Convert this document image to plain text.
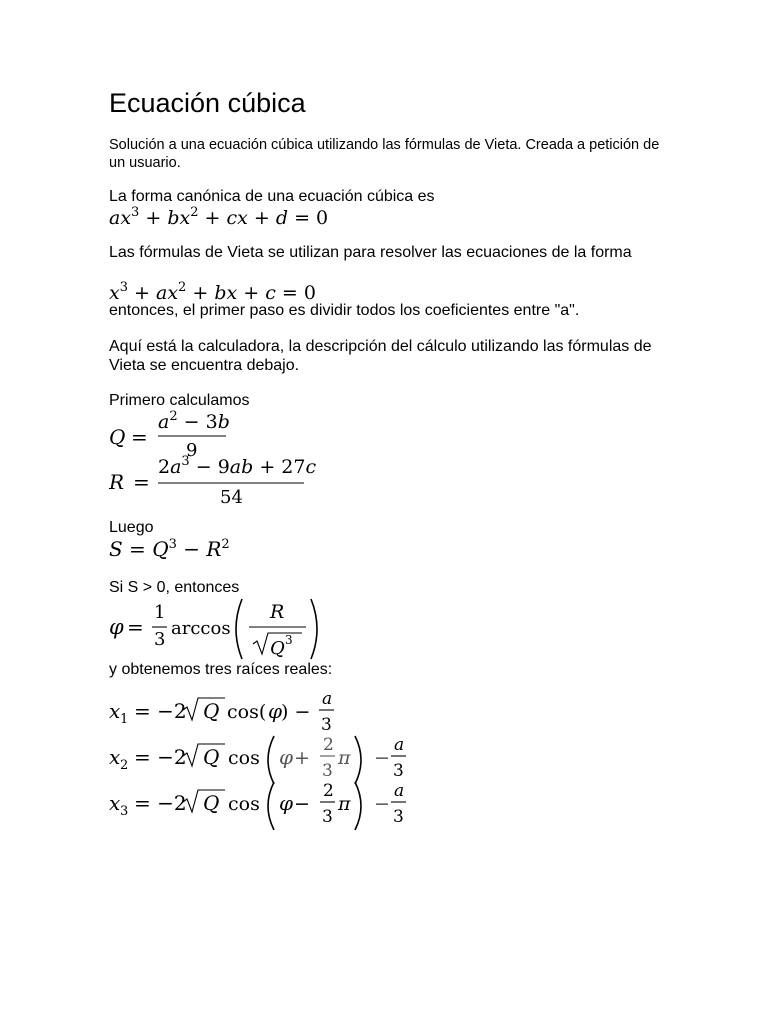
Ecuación cúbica

Solución a una ecuación cúbica utilizando las fórmulas de Vieta. Creada a petición de un usuario.

La forma canónica de una ecuación cúbica es

$ax^3 + bx^2$ + cx + d = 0

Las fórmulas de Vieta se utilizan para resolver las ecuaciones de la forma

$x^3 + ax^2$ + bx + c = 0

entonces, el primer paso es dividir todos los coeficientes entre "a".

Aquí está la calculadora, la descripción del cálculo utilizando las fórmulas de Vieta se encuentra debajo.

Primero calculamos

Q =
$a^2 - 3b$
9
R =
$2a^3 - 9ab + 27c$
54

Luego

$S = Q^3 - R^2$

Si S > 0, entonces

φ =
1
3
arccos
R
Q 3

y obtenemos tres raíces reales:

x 1 = −2 Q cos( φ
) −
a
3
x 2 = −2 Q cos φ +
2
3
π −
a
3
x 3 = −2 Q cos φ −
2
3
π −
a
3
